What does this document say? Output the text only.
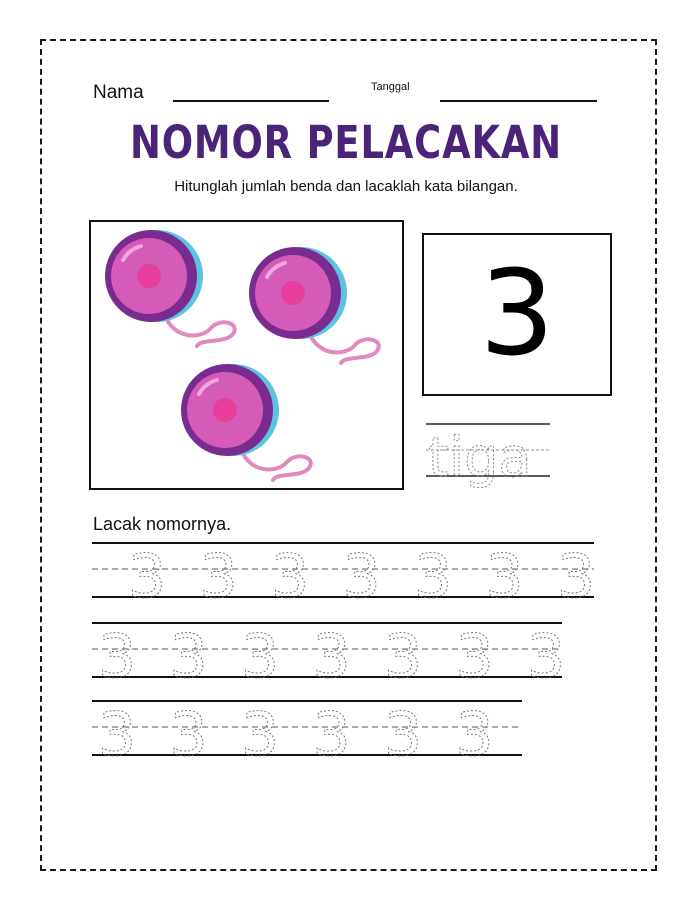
Nama	Tanggal
NOMOR PELACAKAN
Hitunglah jumlah benda dan lacaklah kata bilangan.
3
tiga
Lacak nomornya.
3 3 3 3 3 3 3
3 3 3 3 3 3 3
3 3 3 3 3 3
